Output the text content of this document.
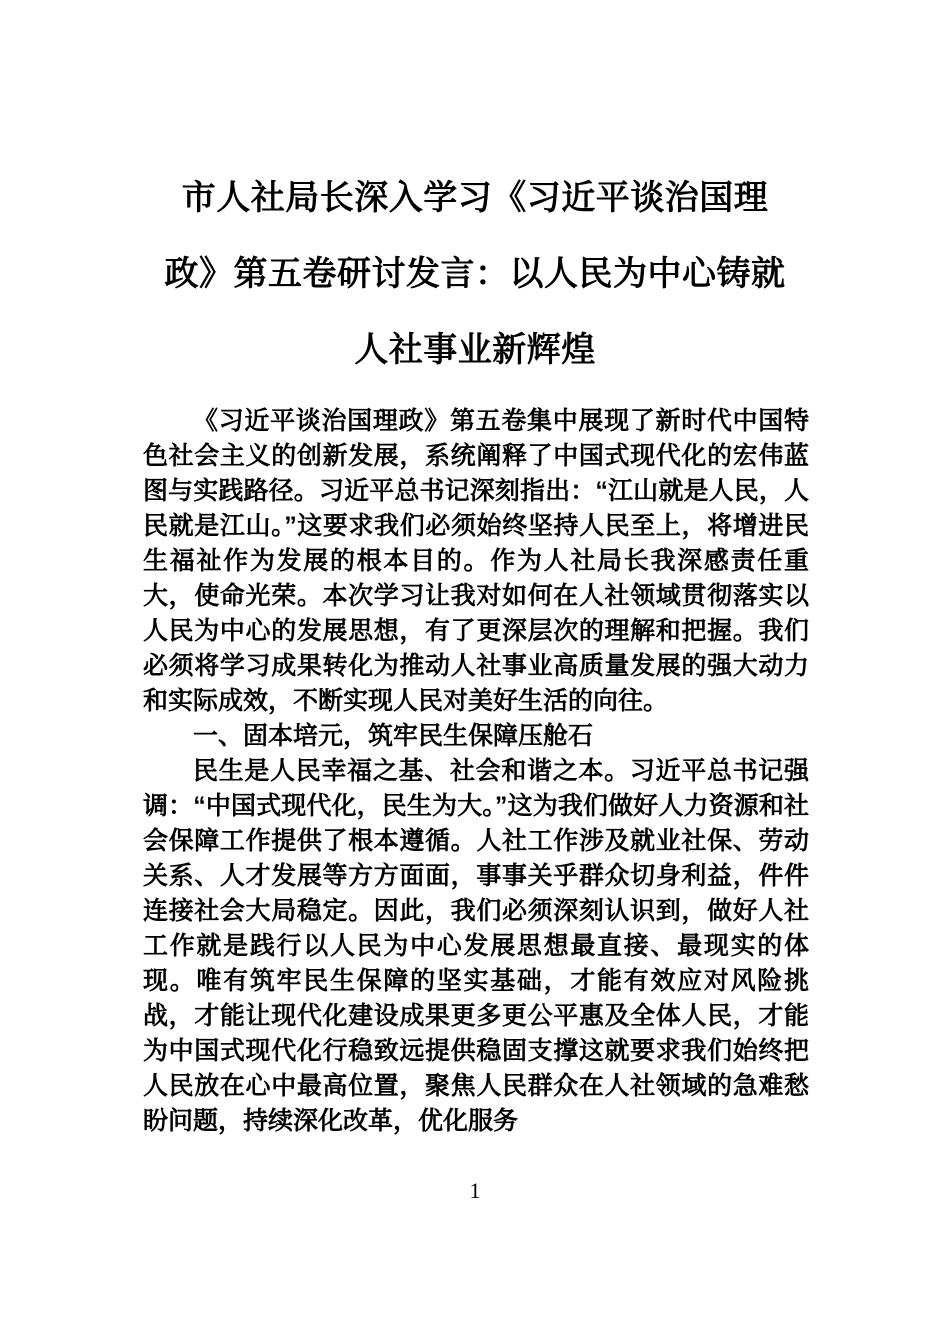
市人社局长深入学习《习近平谈治国理
政》第五卷研讨发言：以人民为中心铸就
人社事业新辉煌

《习近平谈治国理政》第五卷集中展现了新时代中国特色社会主义的创新发展，系统阐释了中国式现代化的宏伟蓝图与实践路径。习近平总书记深刻指出：“江山就是人民，人民就是江山。”这要求我们必须始终坚持人民至上，将增进民生福祉作为发展的根本目的。作为人社局长我深感责任重大，使命光荣。本次学习让我对如何在人社领域贯彻落实以人民为中心的发展思想，有了更深层次的理解和把握。我们必须将学习成果转化为推动人社事业高质量发展的强大动力和实际成效，不断实现人民对美好生活的向往。

一、固本培元，筑牢民生保障压舱石

民生是人民幸福之基、社会和谐之本。习近平总书记强调：“中国式现代化，民生为大。”这为我们做好人力资源和社会保障工作提供了根本遵循。人社工作涉及就业社保、劳动关系、人才发展等方方面面，事事关乎群众切身利益，件件连接社会大局稳定。因此，我们必须深刻认识到，做好人社工作就是践行以人民为中心发展思想最直接、最现实的体现。唯有筑牢民生保障的坚实基础，才能有效应对风险挑战，才能让现代化建设成果更多更公平惠及全体人民，才能为中国式现代化行稳致远提供稳固支撑这就要求我们始终把人民放在心中最高位置，聚焦人民群众在人社领域的急难愁盼问题，持续深化改革，优化服务

1
